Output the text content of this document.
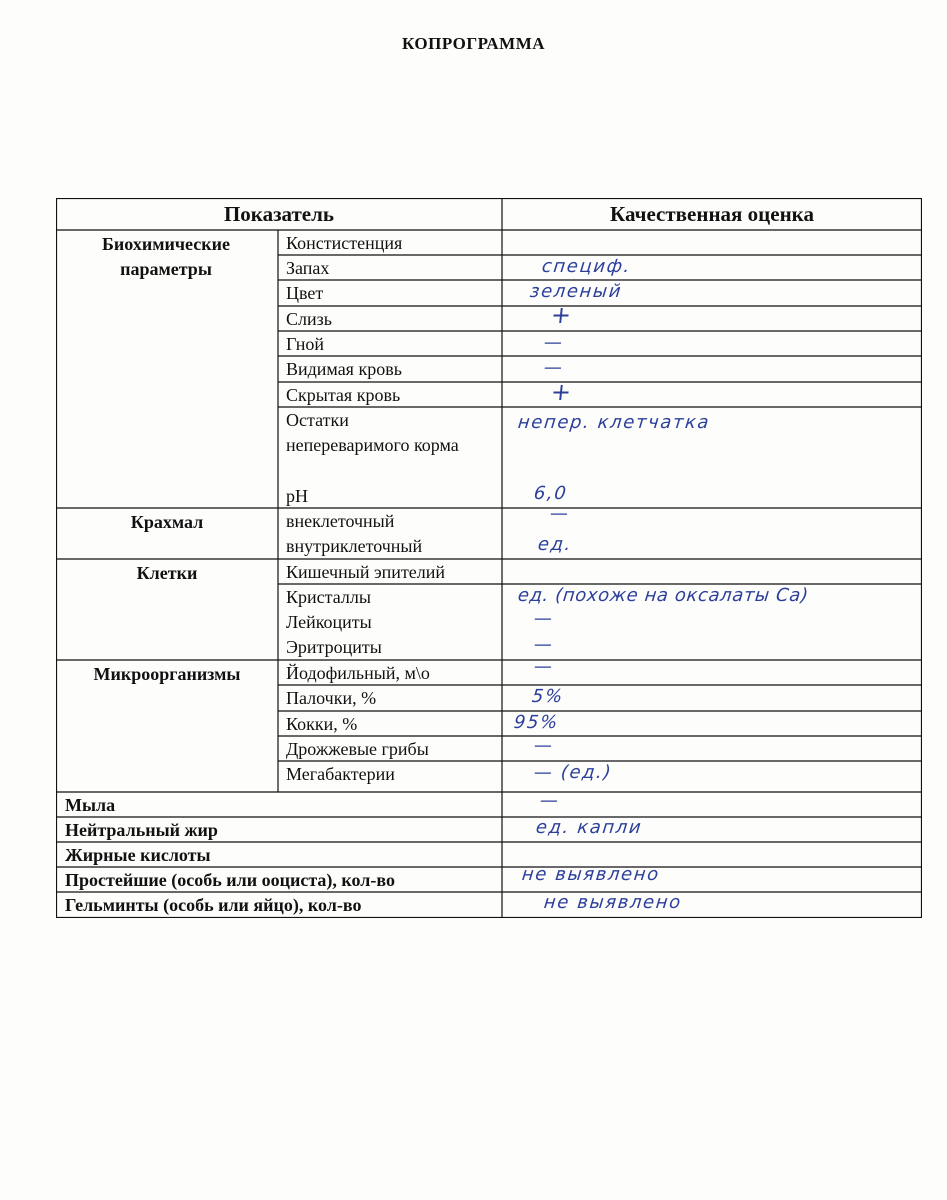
КОПРОГРАММА
Показатель	Качественная оценка
Биохимические параметры
Крахмал
Клетки
Микроорганизмы
Констистенция
Запах
Цвет
Слизь
Гной
Видимая кровь
Скрытая кровь
Остатки непереваримого корма
pH
внеклеточный
внутриклеточный
Кишечный эпителий
Кристаллы
Лейкоциты
Эритроциты
Йодофильный, м\о
Палочки, %
Кокки, %
Дрожжевые грибы
Мегабактерии
Мыла
Нейтральный жир
Жирные кислоты
Простейшие (особь или ооциста), кол-во
Гельминты (особь или яйцо), кол-во
специф.
зеленый
+
—
—
+
непер. клетчатка
6,0
—
ед.
ед. (похоже на оксалаты Са)
—
—
—
5%
95%
—
— (ед.)
—
ед. капли
не выявлено
не выявлено
